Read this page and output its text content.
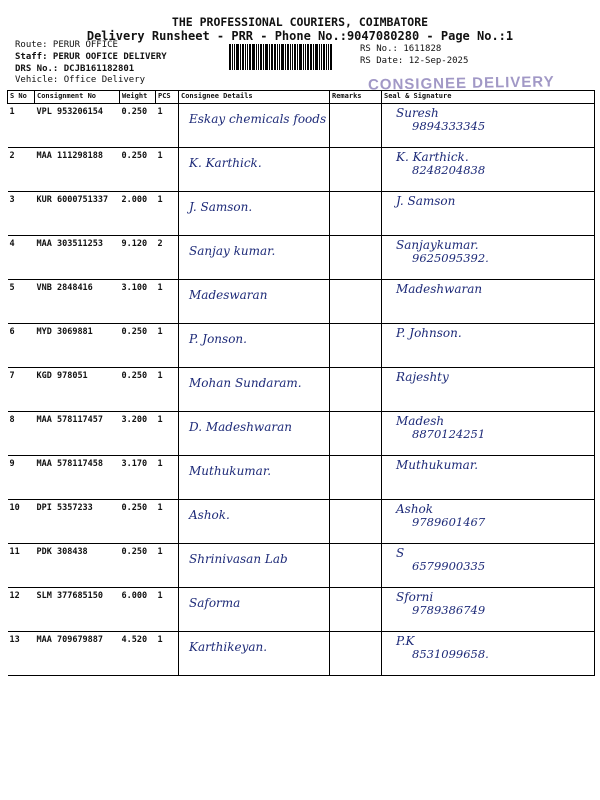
THE PROFESSIONAL COURIERS, COIMBATORE
Delivery Runsheet - PRR - Phone No.:9047080280 - Page No.:1
Route: PERUR OFFICE
Staff: PERUR OOFICE DELIVERY
DRS No.: DCJB161182801
Vehicle: Office Delivery
RS No.: 1611828
RS Date: 12-Sep-2025
CONSIGNEE DELIVERY
S No	Consignment No	Weight	PCS	Consignee Details	Remarks	Seal & Signature
1	VPL 953206154	0.250	1	Eskay chemicals foods		Suresh
9894333345

2	MAA 111298188	0.250	1	K. Karthick.		K. Karthick.
8248204838

3	KUR 6000751337	2.000	1	J. Samson.		J. Samson

4	MAA 303511253	9.120	2	Sanjay kumar.		Sanjaykumar.
9625095392.

5	VNB 2848416	3.100	1	Madeswaran		Madeshwaran

6	MYD 3069881	0.250	1	P. Jonson.		P. Johnson.

7	KGD 978051	0.250	1	Mohan Sundaram.		Rajeshty

8	MAA 578117457	3.200	1	D. Madeshwaran		Madesh
8870124251

9	MAA 578117458	3.170	1	Muthukumar.		Muthukumar.

10	DPI 5357233	0.250	1	Ashok.		Ashok
9789601467

11	PDK 308438	0.250	1	Shrinivasan Lab		S
6579900335

12	SLM 377685150	6.000	1	Saforma		Sforni
9789386749

13	MAA 709679887	4.520	1	Karthikeyan.		P.K
8531099658.
